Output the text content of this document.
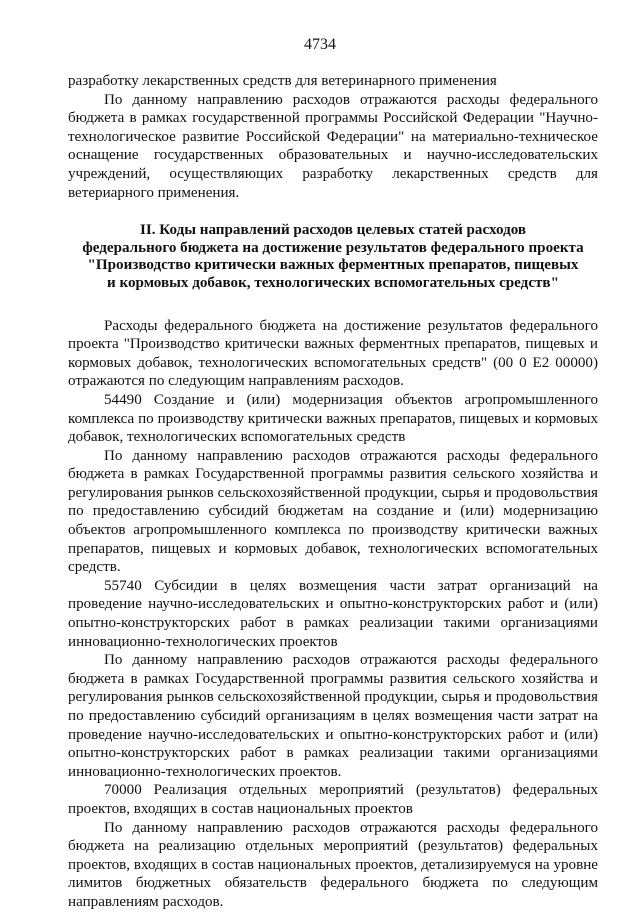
4734

разработку лекарственных средств для ветеринарного применения

По данному направлению расходов отражаются расходы федерального бюджета в рамках государственной программы Российской Федерации "Научно-технологическое развитие Российской Федерации" на материально-техническое оснащение государственных образовательных и научно-исследовательских учреждений, осуществляющих разработку лекарственных средств для ветериарного применения.

II. Коды направлений расходов целевых статей расходов
федерального бюджета на достижение результатов федерального проекта
"Производство критически важных ферментных препаратов, пищевых
и кормовых добавок, технологических вспомогательных средств"

Расходы федерального бюджета на достижение результатов федерального проекта "Производство критически важных ферментных препаратов, пищевых и кормовых добавок, технологических вспомогательных средств" (00 0 Е2 00000) отражаются по следующим направлениям расходов.

54490 Создание и (или) модернизация объектов агропромышленного комплекса по производству критически важных препаратов, пищевых и кормовых добавок, технологических вспомогательных средств

По данному направлению расходов отражаются расходы федерального бюджета в рамках Государственной программы развития сельского хозяйства и регулирования рынков сельскохозяйственной продукции, сырья и продовольствия по предоставлению субсидий бюджетам на создание и (или) модернизацию объектов агропромышленного комплекса по производству критически важных препаратов, пищевых и кормовых добавок, технологических вспомогательных средств.

55740 Субсидии в целях возмещения части затрат организаций на проведение научно-исследовательских и опытно-конструкторских работ и (или) опытно-конструкторских работ в рамках реализации такими организациями инновационно-технологических проектов

По данному направлению расходов отражаются расходы федерального бюджета в рамках Государственной программы развития сельского хозяйства и регулирования рынков сельскохозяйственной продукции, сырья и продовольствия по предоставлению субсидий организациям в целях возмещения части затрат на проведение научно-исследовательских и опытно-конструкторских работ и (или) опытно-конструкторских работ в рамках реализации такими организациями инновационно-технологических проектов.

70000 Реализация отдельных мероприятий (результатов) федеральных проектов, входящих в состав национальных проектов

По данному направлению расходов отражаются расходы федерального бюджета на реализацию отдельных мероприятий (результатов) федеральных проектов, входящих в состав национальных проектов, детализируемуся на уровне лимитов бюджетных обязательств федерального бюджета по следующим направлениям расходов.
